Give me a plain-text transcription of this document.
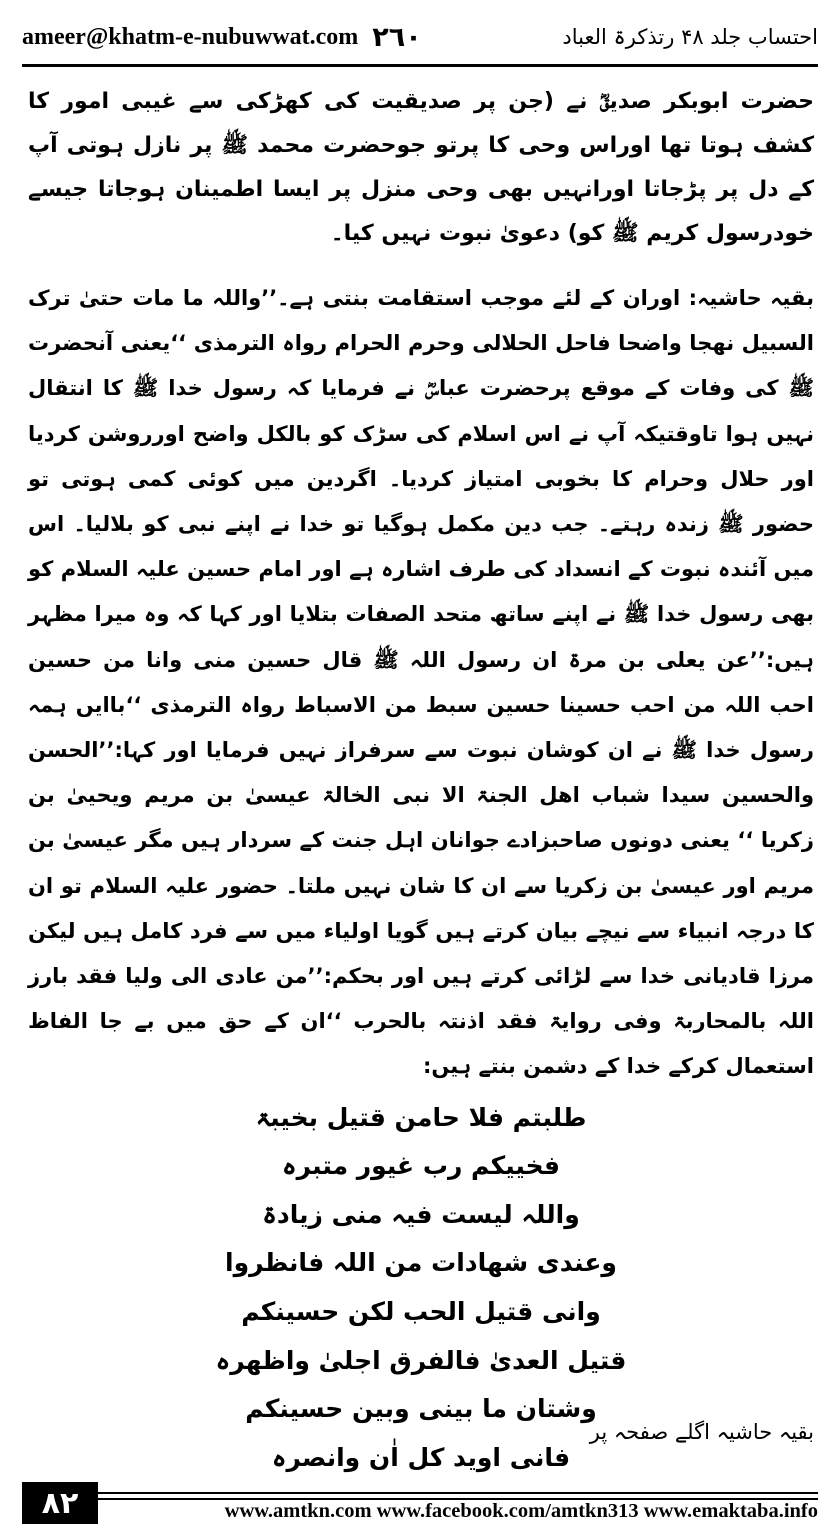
ameer@khatm-e-nubuwwat.com ۲٦٠	احتساب جلد ۴۸ رتذکرۃ العباد
حضرت ابوبکر صدیقؓ نے (جن پر صدیقیت کی کھڑکی سے غیبی امور کا کشف ہوتا تھا اوراس وحی کا پرتو جوحضرت محمد ﷺ پر نازل ہوتی آپ کے دل پر پڑجاتا اورانہیں بھی وحی منزل پر ایسا اطمینان ہوجاتا جیسے خودرسول کریم ﷺ کو) دعویٰ نبوت نہیں کیا۔
بقیہ حاشیہ: اوران کے لئے موجب استقامت بنتی ہے۔’’واللہ ما مات حتیٰ ترک السبیل نھجا واضحا فاحل الحلالی وحرم الحرام رواہ الترمذی ‘‘یعنی آنحضرت ﷺ کی وفات کے موقع پرحضرت عباسؓ نے فرمایا کہ رسول خدا ﷺ کا انتقال نہیں ہوا تاوقتیکہ آپ نے اس اسلام کی سڑک کو بالکل واضح اورروشن کردیا اور حلال وحرام کا بخوبی امتیاز کردیا۔ اگردین میں کوئی کمی ہوتی تو حضور ﷺ زندہ رہتے۔ جب دین مکمل ہوگیا تو خدا نے اپنے نبی کو بلالیا۔ اس میں آئندہ نبوت کے انسداد کی طرف اشارہ ہے اور امام حسین علیہ السلام کو بھی رسول خدا ﷺ نے اپنے ساتھ متحد الصفات بتلایا اور کہا کہ وہ میرا مظہر ہیں:’’عن یعلی بن مرۃ ان رسول اللہ ﷺ قال حسین منی وانا من حسین احب اللہ من احب حسینا حسین سبط من الاسباط رواہ الترمذی ‘‘باایں ہمہ رسول خدا ﷺ نے ان کوشان نبوت سے سرفراز نہیں فرمایا اور کہا:’’الحسن والحسین سیدا شباب اھل الجنۃ الا نبی الخالۃ عیسیٰ بن مریم ویحییٰ بن زکریا ‘‘ یعنی دونوں صاحبزادے جوانان اہل جنت کے سردار ہیں مگر عیسیٰ بن مریم اور عیسیٰ بن زکریا سے ان کا شان نہیں ملتا۔ حضور علیہ السلام تو ان کا درجہ انبیاء سے نیچے بیان کرتے ہیں گویا اولیاء میں سے فرد کامل ہیں لیکن مرزا قادیانی خدا سے لڑائی کرتے ہیں اور بحکم:’’من عادی الی ولیا فقد بارز اللہ بالمحاربۃ وفی روایۃ فقد اذنتہ بالحرب ‘‘ان کے حق میں بے جا الفاظ استعمال کرکے خدا کے دشمن بنتے ہیں:
طلبتم فلا حامن قتیل بخیبۃ
فخییکم رب غیور متبرہ
واللہ لیست فیہ منی زیادۃ
وعندی شھادات من اللہ فانظروا
وانی قتیل الحب لکن حسینکم
قتیل العدیٰ فالفرق اجلیٰ واظھرہ
وشتان ما بینی وبین حسینکم
فانی اوید کل اٰن وانصرہ
بقیہ حاشیہ اگلے صفحہ پر
۸۲	www.amtkn.com www.facebook.com/amtkn313 www.emaktaba.info
